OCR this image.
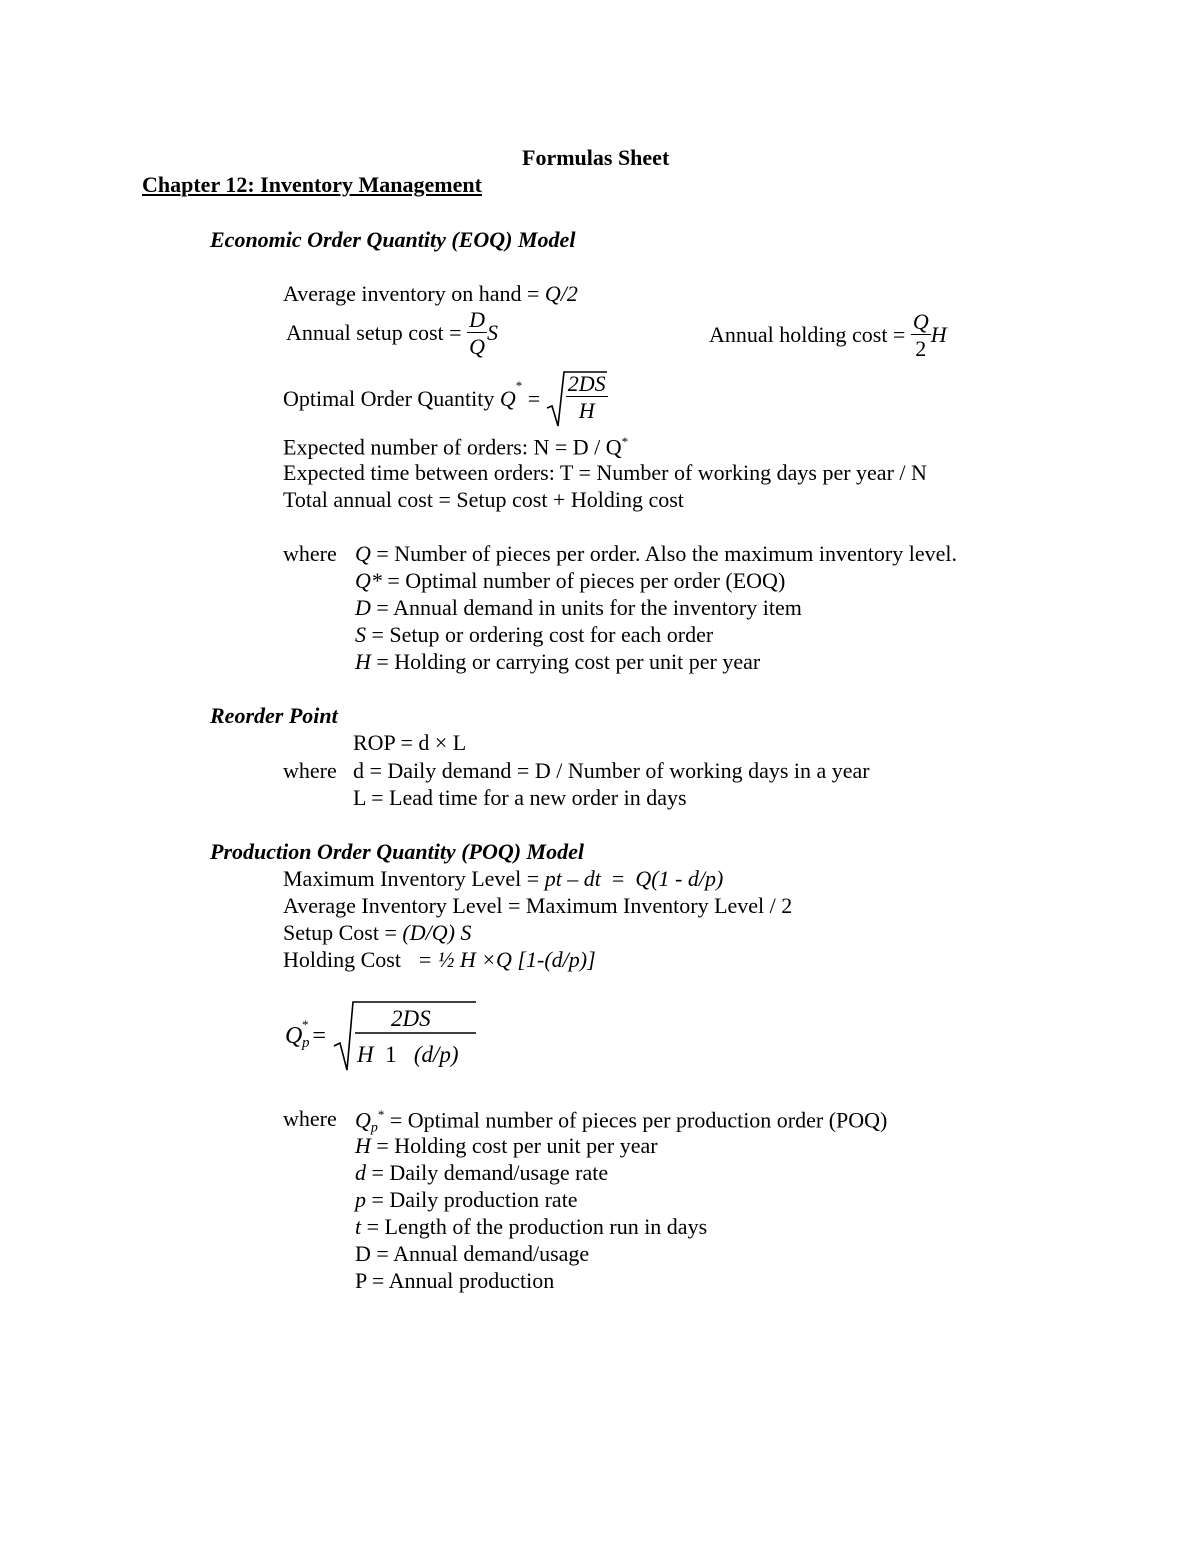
Formulas Sheet
Chapter 12: Inventory Management
Economic Order Quantity (EOQ) Model
Average inventory on hand = Q/2
Annual setup $\cos t = \frac{D}{Q}$ S	Annual holding $\cos t = \frac{Q}{2}$ H
Optimal Order Quantity $Q^* = \frac{2DS}{H}$
Expected number of orders: N = D / Q*
Expected time between orders: T = Number of working days per year / N
Total annual cost = Setup cost + Holding cost
where Q = Number of pieces per order. Also the maximum inventory level.
Q* = Optimal number of pieces per order (EOQ)
D = Annual demand in units for the inventory item
S = Setup or ordering cost for each order
H = Holding or carrying cost per unit per year
Reorder Point
ROP = d × L
where d = Daily demand = D / Number of working days in a year
L = Lead time for a new order in days
Production Order Quantity (POQ) Model
Maximum Inventory Level = pt – dt = Q(1 - d/p)
Average Inventory Level = Maximum Inventory Level / 2
Setup Cost = (D/Q) S
Holding Cost = ½ H ×Q [1-(d/p)]
Q *
p =
2DS
H 1 (d/p)
where Qp* = Optimal number of pieces per production order (POQ)
H = Holding cost per unit per year
d = Daily demand/usage rate
p = Daily production rate
t = Length of the production run in days
D = Annual demand/usage
P = Annual production
